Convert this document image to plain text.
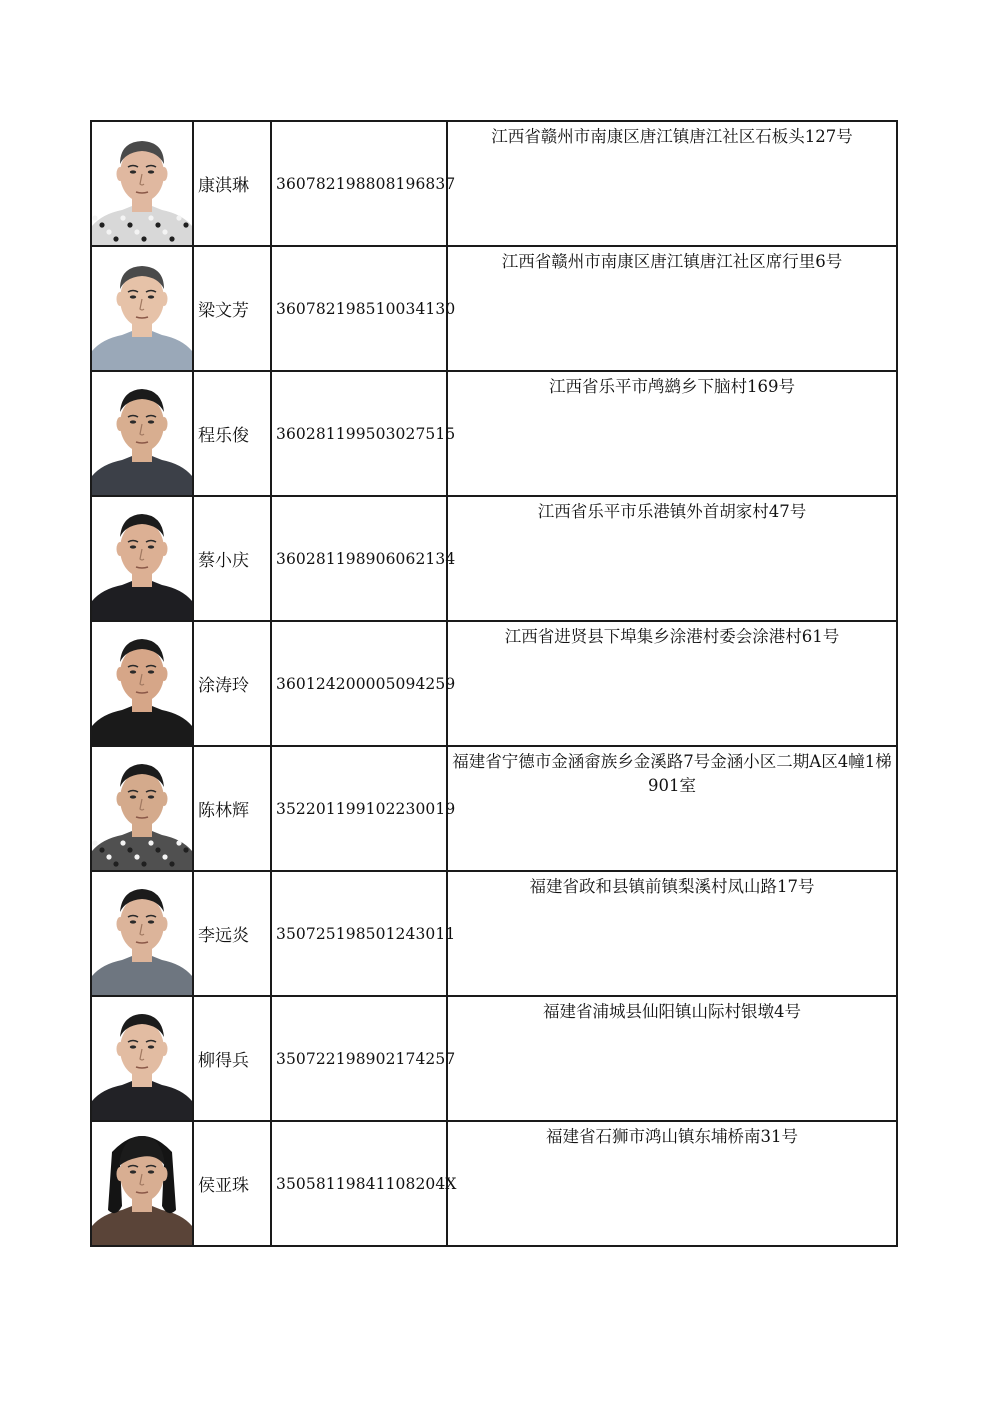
	康淇琳	360782198808196837	江西省赣州市南康区唐江镇唐江社区石板头127号

	梁文芳	360782198510034130	江西省赣州市南康区唐江镇唐江社区席行里6号

	程乐俊	360281199503027515	江西省乐平市鸬鹚乡下脑村169号

	蔡小庆	360281198906062134	江西省乐平市乐港镇外首胡家村47号

	涂涛玲	360124200005094259	江西省进贤县下埠集乡涂港村委会涂港村61号

	陈林辉	352201199102230019	福建省宁德市金涵畲族乡金溪路7号金涵小区二期A区4幢1梯901室

	李远炎	350725198501243011	福建省政和县镇前镇梨溪村凤山路17号

	柳得兵	350722198902174257	福建省浦城县仙阳镇山际村银墩4号

	侯亚珠	35058119841108204X	福建省石狮市鸿山镇东埔桥南31号
